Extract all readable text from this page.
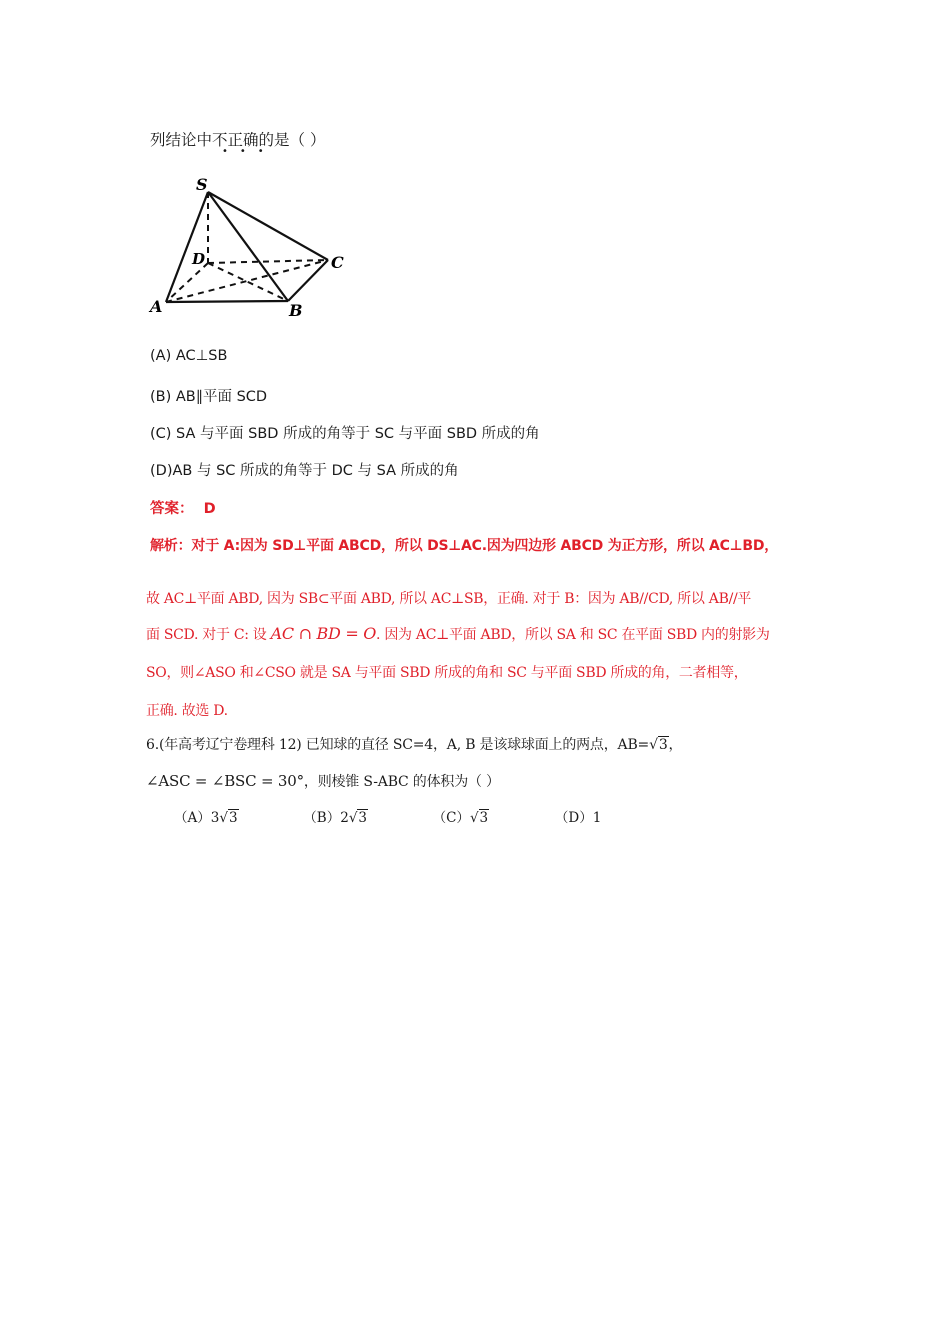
列结论中不正确的是（ ）
•••
S
D	C
A	B
(A) AC⊥SB
(B) AB∥平面 SCD
(C) SA 与平面 SBD 所成的角等于 SC 与平面 SBD 所成的角
(D)AB 与 SC 所成的角等于 DC 与 SA 所成的角
答案： D
解析：对于 A:因为 SD⊥平面 ABCD，所以 DS⊥AC.因为四边形 ABCD 为正方形，所以 AC⊥BD，
故 AC⊥平面 ABD, 因为 SB⊂平面 ABD, 所以 AC⊥SB，正确. 对于 B：因为 AB//CD, 所以 AB//平
面 SCD. 对于 C: 设 AC ∩ BD = O. 因为 AC⊥平面 ABD，所以 SA 和 SC 在平面 SBD 内的射影为
SO，则∠ASO 和∠CSO 就是 SA 与平面 SBD 所成的角和 SC 与平面 SBD 所成的角，二者相等，
正确. 故选 D.
6.(年高考辽宁卷理科 12) 已知球的直径 SC=4，A, B 是该球球面上的两点，AB=√3，
∠ASC = ∠BSC = 30°，则棱锥 S-ABC 的体积为（ ）
（A）3√3	（B）2√3	（C）√3	（D）1
